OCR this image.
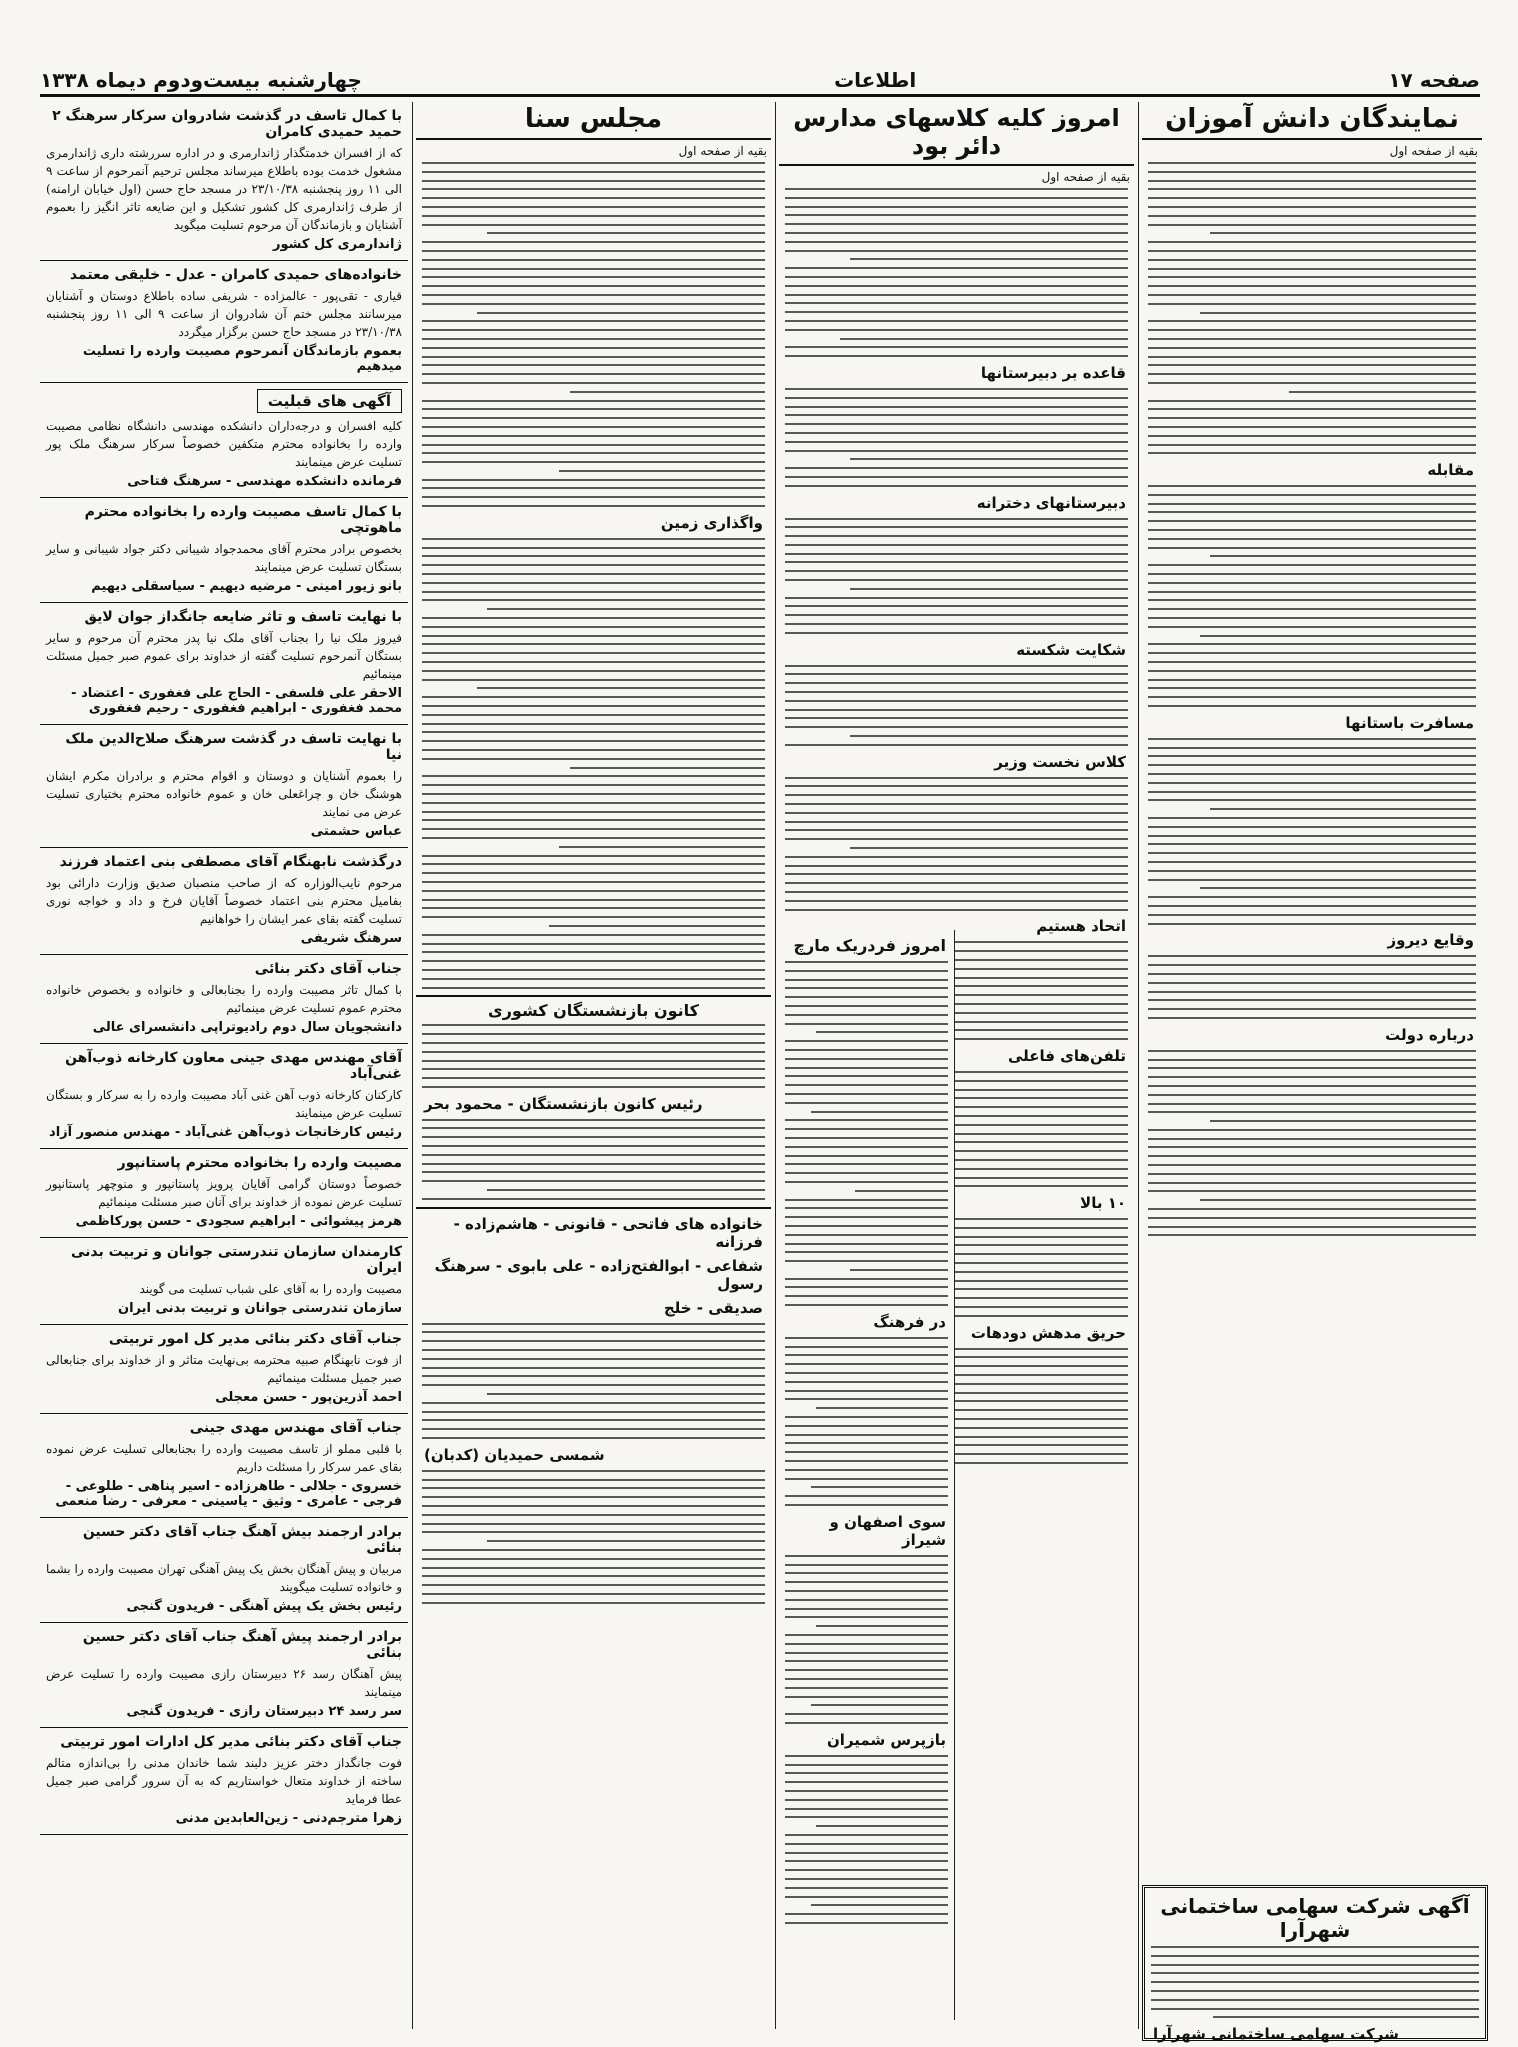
صفحه ۱۷
اطلاعات
چهارشنبه بیست‌ودوم دیماه ۱۳۳۸
نمایندگان دانش آموزان
بقیه از صفحه اول
مقابله
مسافرت باستانها
وقایع دیروز
درباره دولت
آگهی شرکت سهامی ساختمانی شهرآرا
شرکت سهامی ساختمانی شهرآرا
امروز کلیه کلاسهای مدارس دائر بود
بقیه از صفحه اول
قاعده بر دبیرستانها
دبیرستانهای دخترانه
شکایت شکسته
کلاس نخست وزیر
اتحاد هستیم
تلفن‌های فاعلی
۱۰ بالا
حریق مدهش دودهات
امروز فردریک مارچ
در فرهنگ
سوی اصفهان و شیراز
بازپرس شمیران
مجلس سنا
بقیه از صفحه اول
واگذاری زمین
کانون بازنشستگان کشوری
رئیس کانون بازنشستگان - محمود بحر
خانواده های فاتحی - قانونی - هاشم‌زاده - فرزانه
شفاعی - ابوالفتح‌زاده - علی بابوی - سرهنگ رسول
صدیقی - خلج
شمسی حمیدیان (کدبان)
با کمال تاسف در گذشت شادروان سرکار سرهنگ ۲ حمید حمیدی کامران
که از افسران خدمتگذار ژاندارمری و در اداره سررشته داری ژاندارمری مشغول خدمت بوده باطلاع میرساند مجلس ترحیم آنمرحوم از ساعت ۹ الی ۱۱ روز پنجشنبه ۲۳/۱۰/۳۸ در مسجد حاج حسن (اول خیابان ارامنه) از طرف ژاندارمری کل کشور تشکیل و این ضایعه تاثر انگیز را بعموم آشنایان و بازماندگان آن مرحوم تسلیت میگوید
ژاندارمری کل کشور
خانواده‌های حمیدی کامران - عدل - خلیقی معتمد
قیاری - تقی‌پور - عالمزاده - شریفی ساده باطلاع دوستان و آشنایان میرسانند مجلس ختم آن شادروان از ساعت ۹ الی ۱۱ روز پنجشنبه ۲۳/۱۰/۳۸ در مسجد حاج حسن برگزار میگردد
بعموم بازماندگان آنمرحوم مصیبت وارده را تسلیت میدهیم
آگهی های قبلیت
کلیه افسران و درجه‌داران دانشکده مهندسی دانشگاه نظامی مصیبت وارده را بخانواده محترم متکفین خصوصاً سرکار سرهنگ ملک پور تسلیت عرض مینمایند
فرمانده دانشکده مهندسی - سرهنگ فتاحی
با کمال تاسف مصیبت وارده را بخانواده محترم ماهوتچی
بخصوص برادر محترم آقای محمدجواد شیبانی دکتر جواد شیبانی و سایر بستگان تسلیت عرض مینمایند
بانو زیور امینی - مرضیه دیهیم - سیاسقلی دیهیم
با نهایت تاسف و تاثر ضایعه جانگداز جوان لایق
فیروز ملک نیا را بجناب آقای ملک نیا پدر محترم آن مرحوم و سایر بستگان آنمرحوم تسلیت گفته از خداوند برای عموم صبر جمیل مسئلت مینمائیم
الاحقر علی فلسفی - الحاج علی فغفوری - اعتضاد - محمد فغفوری - ابراهیم فغفوری - رحیم فغفوری
با نهایت تاسف در گذشت سرهنگ صلاح‌الدین ملک نیا
را بعموم آشنایان و دوستان و اقوام محترم و برادران مکرم ایشان هوشنگ خان و چراغعلی خان و عموم خانواده محترم بختیاری تسلیت عرض می نمایند
عباس حشمتی
درگذشت نابهنگام آقای مصطفی بنی اعتماد فرزند
مرحوم نایب‌الوزاره که از صاحب منصبان صدیق وزارت دارائی بود بفامیل محترم بنی اعتماد خصوصاً آقایان فرخ و داد و خواجه نوری تسلیت گفته بقای عمر ایشان را خواهانیم
سرهنگ شریفی
جناب آقای دکتر بنائی
با کمال تاثر مصیبت وارده را بجنابعالی و خانواده و بخصوص خانواده محترم عموم تسلیت عرض مینمائیم
دانشجویان سال دوم رادیوتراپی دانشسرای عالی
آقای مهندس مهدی جینی معاون کارخانه ذوب‌آهن غنی‌آباد
کارکنان کارخانه ذوب آهن غنی آباد مصیبت وارده را به سرکار و بستگان تسلیت عرض مینمایند
رئیس کارخانجات ذوب‌آهن غنی‌آباد - مهندس منصور آزاد
مصیبت وارده را بخانواده محترم پاستانپور
خصوصاً دوستان گرامی آقایان پرویز پاستانپور و منوچهر پاستانپور تسلیت عرض نموده از خداوند برای آنان صبر مسئلت مینمائیم
هرمز پیشوائی - ابراهیم سجودی - حسن پورکاظمی
کارمندان سازمان تندرستی جوانان و تربیت بدنی ایران
مصیبت وارده را به آقای علی شباب تسلیت می گویند
سازمان تندرستی جوانان و تربیت بدنی ایران
جناب آقای دکتر بنائی مدیر کل امور تربیتی
از فوت نابهنگام صبیه محترمه بی‌نهایت متاثر و از خداوند برای جنابعالی صبر جمیل مسئلت مینمائیم
احمد آذرین‌پور - حسن معجلی
جناب آقای مهندس مهدی جینی
با قلبی مملو از تاسف مصیبت وارده را بجنابعالی تسلیت عرض نموده بقای عمر سرکار را مسئلت داریم
خسروی - جلالی - طاهرزاده - اسیر پناهی - طلوعی - فرجی - عامری - وثیق - یاسینی - معرفی - رضا منعمی
برادر ارجمند بیش آهنگ جناب آقای دکتر حسین بنائی
مربیان و پیش آهنگان بخش یک پیش آهنگی تهران مصیبت وارده را بشما و خانواده تسلیت میگویند
رئیس بخش یک پیش آهنگی - فریدون گنجی
برادر ارجمند پیش آهنگ جناب آقای دکتر حسین بنائی
پیش آهنگان رسد ۲۶ دبیرستان رازی مصیبت وارده را تسلیت عرض مینمایند
سر رسد ۲۴ دبیرستان رازی - فریدون گنجی
جناب آقای دکتر بنائی مدیر کل ادارات امور تربیتی
فوت جانگداز دختر عزیز دلبند شما خاندان مدنی را بی‌اندازه متالم ساخته از خداوند متعال خواستاریم که به آن سرور گرامی صبر جمیل عطا فرماید
زهرا مترجم‌دنی - زین‌العابدین مدنی
